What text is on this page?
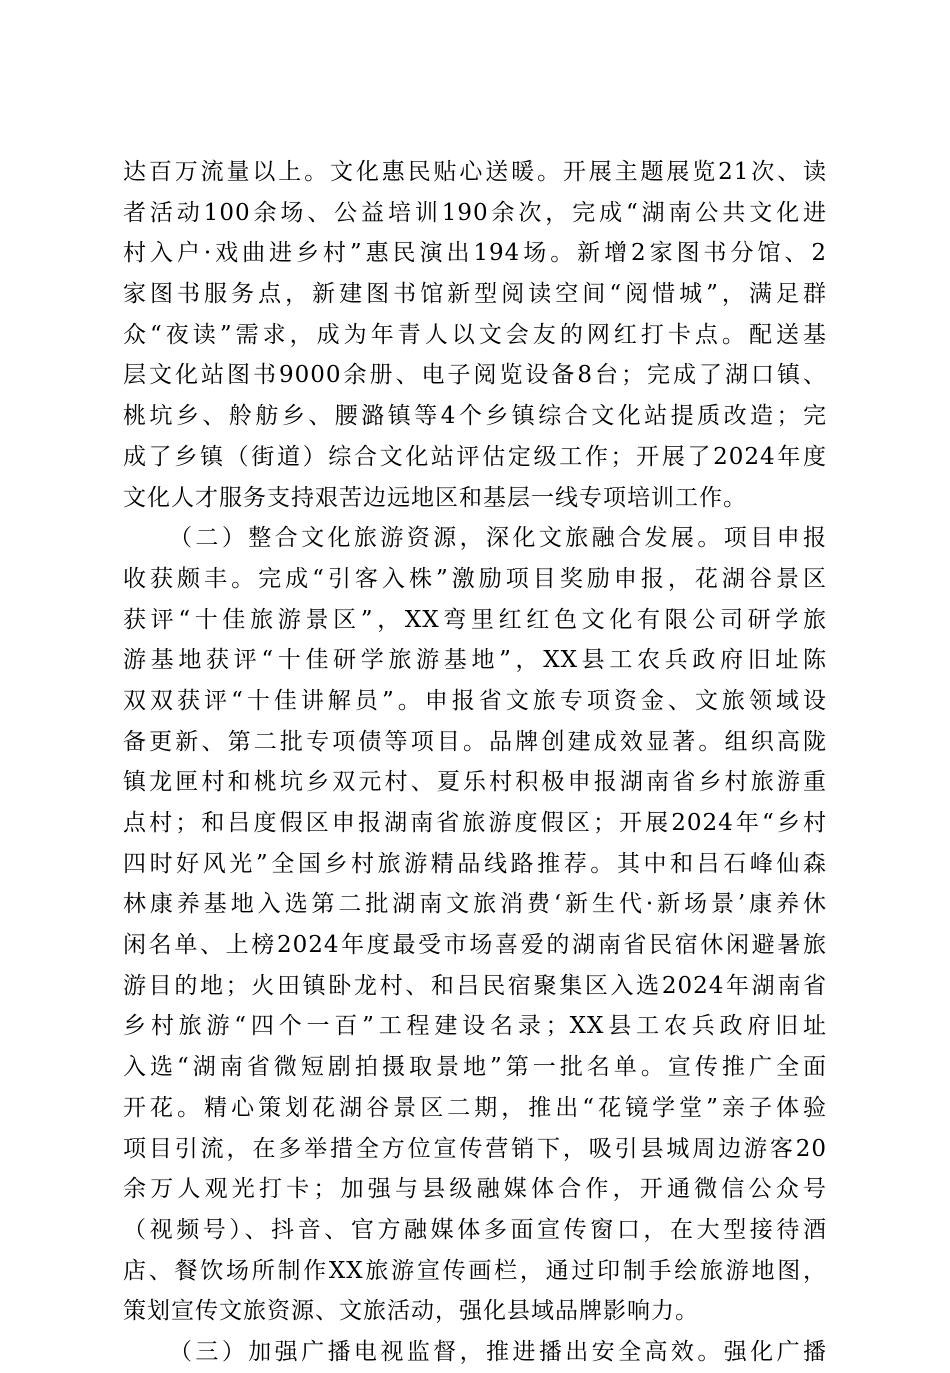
达百万流量以上。文化惠民贴心送暖。开展主题展览21次、读
者活动100余场、公益培训190余次，完成“湖南公共文化进
村入户·戏曲进乡村”惠民演出194场。新增2家图书分馆、2
家图书服务点，新建图书馆新型阅读空间“阅惜城”，满足群
众“夜读”需求，成为年青人以文会友的网红打卡点。配送基
层文化站图书9000余册、电子阅览设备8台；完成了湖口镇、
桃坑乡、舲舫乡、腰潞镇等4个乡镇综合文化站提质改造；完
成了乡镇（街道）综合文化站评估定级工作；开展了2024年度
文化人才服务支持艰苦边远地区和基层一线专项培训工作。
（二）整合文化旅游资源，深化文旅融合发展。项目申报
收获颇丰。完成“引客入株”激励项目奖励申报，花湖谷景区
获评“十佳旅游景区”，XX弯里红红色文化有限公司研学旅
游基地获评“十佳研学旅游基地”，XX县工农兵政府旧址陈
双双获评“十佳讲解员”。申报省文旅专项资金、文旅领域设
备更新、第二批专项债等项目。品牌创建成效显著。组织高陇
镇龙匣村和桃坑乡双元村、夏乐村积极申报湖南省乡村旅游重
点村；和吕度假区申报湖南省旅游度假区；开展2024年“乡村
四时好风光”全国乡村旅游精品线路推荐。其中和吕石峰仙森
林康养基地入选第二批湖南文旅消费‘新生代·新场景’康养休
闲名单、上榜2024年度最受市场喜爱的湖南省民宿休闲避暑旅
游目的地；火田镇卧龙村、和吕民宿聚集区入选2024年湖南省
乡村旅游“四个一百”工程建设名录；XX县工农兵政府旧址
入选“湖南省微短剧拍摄取景地”第一批名单。宣传推广全面
开花。精心策划花湖谷景区二期，推出“花镜学堂”亲子体验
项目引流，在多举措全方位宣传营销下，吸引县城周边游客20
余万人观光打卡；加强与县级融媒体合作，开通微信公众号
（视频号）、抖音、官方融媒体多面宣传窗口，在大型接待酒
店、餐饮场所制作XX旅游宣传画栏，通过印制手绘旅游地图，
策划宣传文旅资源、文旅活动，强化县域品牌影响力。
（三）加强广播电视监督，推进播出安全高效。强化广播
